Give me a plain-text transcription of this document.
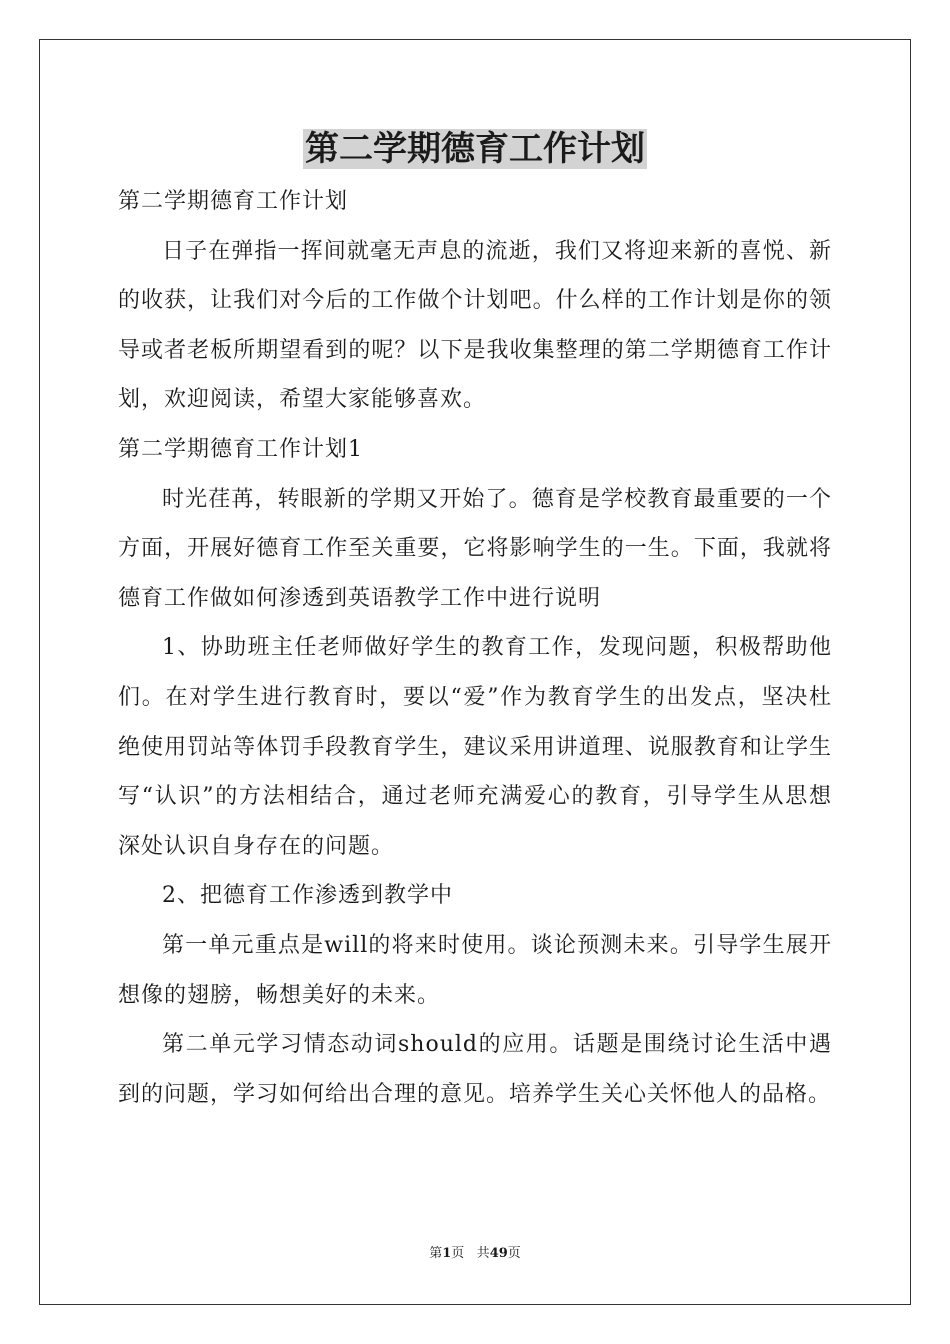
第二学期德育工作计划

第二学期德育工作计划

日子在弹指一挥间就毫无声息的流逝，我们又将迎来新的喜悦、新的收获，让我们对今后的工作做个计划吧。什么样的工作计划是你的领导或者老板所期望看到的呢？以下是我收集整理的第二学期德育工作计划，欢迎阅读，希望大家能够喜欢。

第二学期德育工作计划1

时光荏苒，转眼新的学期又开始了。德育是学校教育最重要的一个方面，开展好德育工作至关重要，它将影响学生的一生。下面，我就将德育工作做如何渗透到英语教学工作中进行说明

1、协助班主任老师做好学生的教育工作，发现问题，积极帮助他们。在对学生进行教育时，要以“爱”作为教育学生的出发点，坚决杜绝使用罚站等体罚手段教育学生，建议采用讲道理、说服教育和让学生写“认识”的方法相结合，通过老师充满爱心的教育，引导学生从思想深处认识自身存在的问题。

2、把德育工作渗透到教学中

第一单元重点是will的将来时使用。谈论预测未来。引导学生展开想像的翅膀，畅想美好的未来。

第二单元学习情态动词should的应用。话题是围绕讨论生活中遇到的问题，学习如何给出合理的意见。培养学生关心关怀他人的品格。

第1页 共49页
